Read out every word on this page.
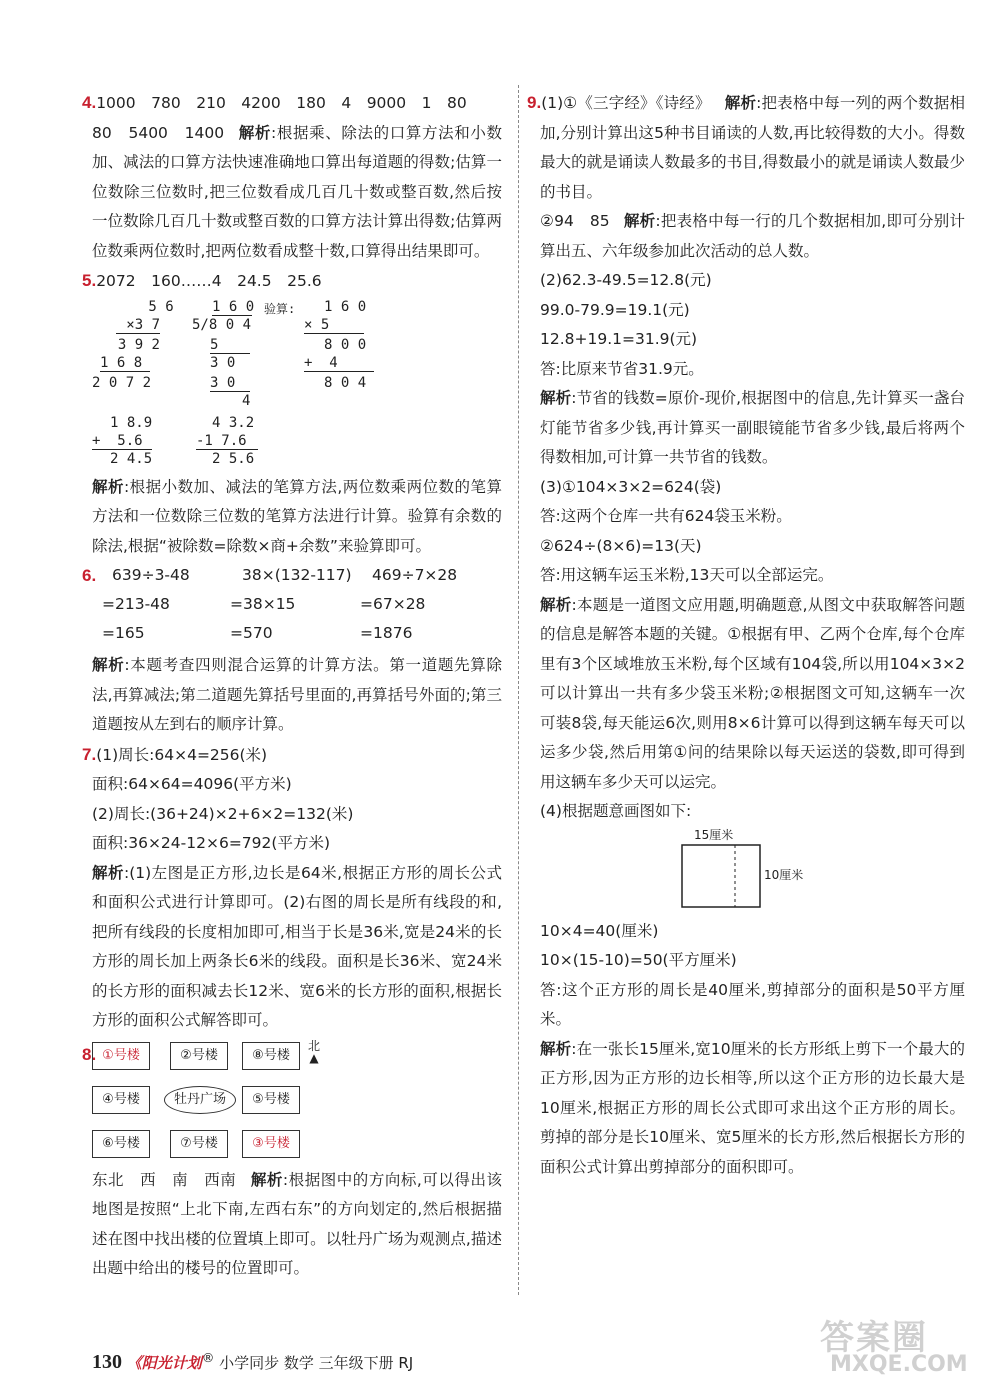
4.1000　780　210　4200　180　4　9000　1　80

80　5400　1400 解析:根据乘、除法的口算方法和小数加、减法的口算方法快速准确地口算出每道题的得数;估算一位数除三位数时,把三位数看成几百几十数或整百数,然后按一位数除几百几十数或整百数的口算方法计算出得数;估算两位数乘两位数时,把两位数看成整十数,口算得出结果即可。

5.2072　160……4　24.5　25.6

5 6

×3 7

3 9 2

1 6 8

2 0 7 2

1 6 0

5/8 0 4

5

3 0

3 0

4

验算:

1 6 0

× 5

8 0 0

+  4

8 0 4

1 8.9

+  5.6

2 4.5

4 3.2

-1 7.6

2 5.6

解析:根据小数加、减法的笔算方法,两位数乘两位数的笔算方法和一位数除三位数的笔算方法进行计算。验算有余数的除法,根据“被除数=除数×商+余数”来验算即可。

6. 639÷3-48	38×(132-117) 469÷7×28
=213-48	=38×15	=67×28
=165	=570	=1876

解析:本题考查四则混合运算的计算方法。第一道题先算除法,再算减法;第二道题先算括号里面的,再算括号外面的;第三道题按从左到右的顺序计算。

7.(1)周长:64×4=256(米)

面积:64×64=4096(平方米)

(2)周长:(36+24)×2+6×2=132(米)

面积:36×24-12×6=792(平方米)

解析:(1)左图是正方形,边长是64米,根据正方形的周长公式和面积公式进行计算即可。(2)右图的周长是所有线段的和,把所有线段的长度相加即可,相当于长是36米,宽是24米的长方形的周长加上两条长6米的线段。面积是长36米、宽24米的长方形的面积减去长12米、宽6米的长方形的面积,根据长方形的面积公式解答即可。

8. ①号楼	②号楼	⑧号楼
北
▲
④号楼	牡丹广场	⑤号楼
⑥号楼	⑦号楼	③号楼

东北　西　南　西南 解析:根据图中的方向标,可以得出该地图是按照“上北下南,左西右东”的方向划定的,然后根据描述在图中找出楼的位置填上即可。以牡丹广场为观测点,描述出题中给出的楼号的位置即可。

9.(1)①《三字经》《诗经》 解析:把表格中每一列的两个数据相加,分别计算出这5种书目诵读的人数,再比较得数的大小。得数最大的就是诵读人数最多的书目,得数最小的就是诵读人数最少的书目。

②94　85 解析:把表格中每一行的几个数据相加,即可分别计算出五、六年级参加此次活动的总人数。

(2)62.3-49.5=12.8(元)

99.0-79.9=19.1(元)

12.8+19.1=31.9(元)

答:比原来节省31.9元。

解析:节省的钱数=原价-现价,根据图中的信息,先计算买一盏台灯能节省多少钱,再计算买一副眼镜能节省多少钱,最后将两个得数相加,可计算一共节省的钱数。

(3)①104×3×2=624(袋)

答:这两个仓库一共有624袋玉米粉。

②624÷(8×6)=13(天)

答:用这辆车运玉米粉,13天可以全部运完。

解析:本题是一道图文应用题,明确题意,从图文中获取解答问题的信息是解答本题的关键。①根据有甲、乙两个仓库,每个仓库里有3个区域堆放玉米粉,每个区域有104袋,所以用104×3×2可以计算出一共有多少袋玉米粉;②根据图文可知,这辆车一次可装8袋,每天能运6次,则用8×6计算可以得到这辆车每天可以运多少袋,然后用第①问的结果除以每天运送的袋数,即可得到用这辆车多少天可以运完。

(4)根据题意画图如下:

15厘米
10厘米

10×4=40(厘米)

10×(15-10)=50(平方厘米)

答:这个正方形的周长是40厘米,剪掉部分的面积是50平方厘米。

解析:在一张长15厘米,宽10厘米的长方形纸上剪下一个最大的正方形,因为正方形的边长相等,所以这个正方形的边长最大是10厘米,根据正方形的周长公式即可求出这个正方形的周长。剪掉的部分是长10厘米、宽5厘米的长方形,然后根据长方形的面积公式计算出剪掉部分的面积即可。

130 《阳光计划® 小学同步 数学 三年级下册 RJ
答案圈
MXQE.COM
